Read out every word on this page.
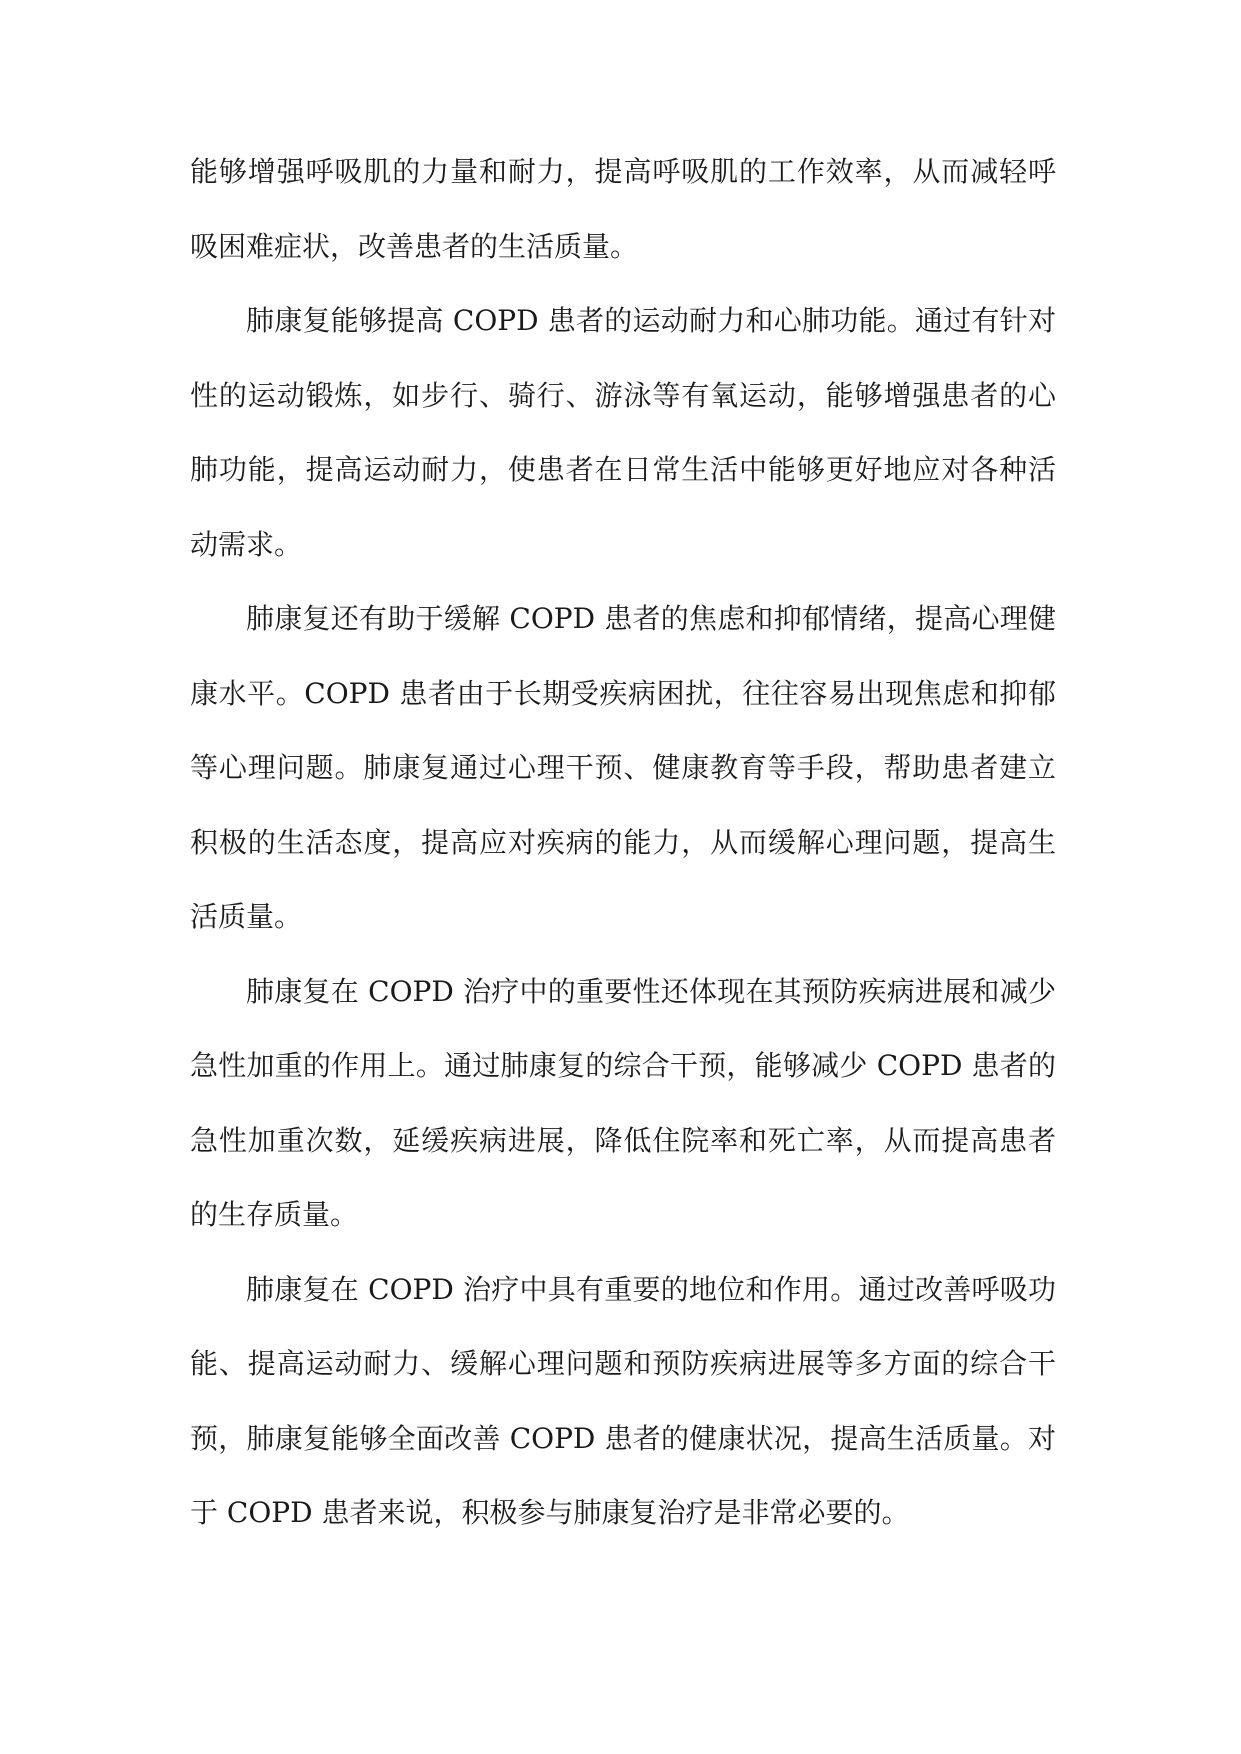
能够增强呼吸肌的力量和耐力，提高呼吸肌的工作效率，从而减轻呼吸困难症状，改善患者的生活质量。

肺康复能够提高 COPD 患者的运动耐力和心肺功能。通过有针对性的运动锻炼，如步行、骑行、游泳等有氧运动，能够增强患者的心肺功能，提高运动耐力，使患者在日常生活中能够更好地应对各种活动需求。

肺康复还有助于缓解 COPD 患者的焦虑和抑郁情绪，提高心理健康水平。COPD 患者由于长期受疾病困扰，往往容易出现焦虑和抑郁等心理问题。肺康复通过心理干预、健康教育等手段，帮助患者建立积极的生活态度，提高应对疾病的能力，从而缓解心理问题，提高生活质量。

肺康复在 COPD 治疗中的重要性还体现在其预防疾病进展和减少急性加重的作用上。通过肺康复的综合干预，能够减少 COPD 患者的急性加重次数，延缓疾病进展，降低住院率和死亡率，从而提高患者的生存质量。

肺康复在 COPD 治疗中具有重要的地位和作用。通过改善呼吸功能、提高运动耐力、缓解心理问题和预防疾病进展等多方面的综合干预，肺康复能够全面改善 COPD 患者的健康状况，提高生活质量。对于 COPD 患者来说，积极参与肺康复治疗是非常必要的。
